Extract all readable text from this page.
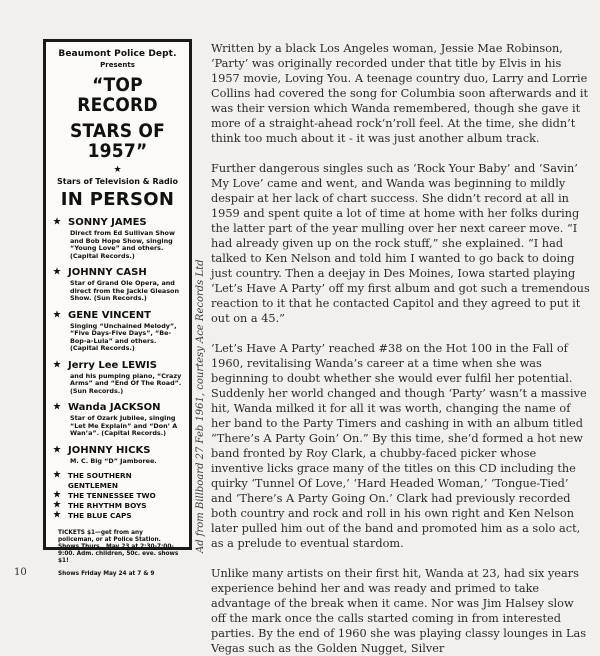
Beaumont Police Dept.
Presents
“TOP RECORD
STARS OF 1957”
★
Stars of Television & Radio
IN PERSON
★ SONNY JAMES
Direct from Ed Sullivan Show and Bob Hope Show, singing “Young Love” and others. (Capital Records.)
★ JOHNNY CASH
Star of Grand Ole Opera, and direct from the Jackie Gleason Show. (Sun Records.)
★ GENE VINCENT
Singing “Unchained Melody”, “Five Days-Five Days”, “Be-Bop-a-Lula” and others. (Capital Records.)
★ Jerry Lee LEWIS
and his pumping piano, “Crazy Arms” and “End Of The Road”. (Sun Records.)
★ Wanda JACKSON
Star of Ozark Jubilee, singing “Let Me Explain” and “Don’ A Wan’a”. (Capital Records.)
★ JOHNNY HICKS
M. C. Big “D” Jamboree.
★ THE SOUTHERN GENTLEMEN
★ THE TENNESSEE TWO
★ THE RHYTHM BOYS
★ THE BLUE CAPS
TICKETS $1—get from any policeman, or at Police Station. Shows Thurs., May 23 at 2:30-7:00-9:00. Adm. children, 50c. eve. shows $1!
Shows Friday May 24 at 7 & 9
Ad from Billboard 27 Feb 1961, courtesy Ace Records Ltd
10

Written by a black Los Angeles woman, Jessie Mae Robinson, ‘Party’ was originally recorded under that title by Elvis in his 1957 movie, Loving You. A teenage country duo, Larry and Lorrie Collins had covered the song for Columbia soon afterwards and it was their version which Wanda remembered, though she gave it more of a straight-ahead rock‘n’roll feel. At the time, she didn’t think too much about it - it was just another album track.

Further dangerous singles such as ‘Rock Your Baby’ and ‘Savin’ My Love’ came and went, and Wanda was beginning to mildly despair at her lack of chart success. She didn’t record at all in 1959 and spent quite a lot of time at home with her folks during the latter part of the year mulling over her next career move. “I had already given up on the rock stuff,” she explained. “I had talked to Ken Nelson and told him I wanted to go back to doing just country. Then a deejay in Des Moines, Iowa started playing ‘Let’s Have A Party’ off my first album and got such a tremendous reaction to it that he contacted Capitol and they agreed to put it out on a 45.”

‘Let’s Have A Party’ reached #38 on the Hot 100 in the Fall of 1960, revitalising Wanda’s career at a time when she was beginning to doubt whether she would ever fulfil her potential. Suddenly her world changed and though ‘Party’ wasn’t a massive hit, Wanda milked it for all it was worth, changing the name of her band to the Party Timers and cashing in with an album titled “There’s A Party Goin’ On.” By this time, she’d formed a hot new band fronted by Roy Clark, a chubby-faced picker whose inventive licks grace many of the titles on this CD including the quirky ‘Tunnel Of Love,’ ‘Hard Headed Woman,’ ‘Tongue-Tied’ and ‘There’s A Party Going On.’ Clark had previously recorded both country and rock and roll in his own right and Ken Nelson later pulled him out of the band and promoted him as a solo act, as a prelude to eventual stardom.

Unlike many artists on their first hit, Wanda at 23, had six years experience behind her and was ready and primed to take advantage of the break when it came. Nor was Jim Halsey slow off the mark once the calls started coming in from interested parties. By the end of 1960 she was playing classy lounges in Las Vegas such as the Golden Nugget, Silver
